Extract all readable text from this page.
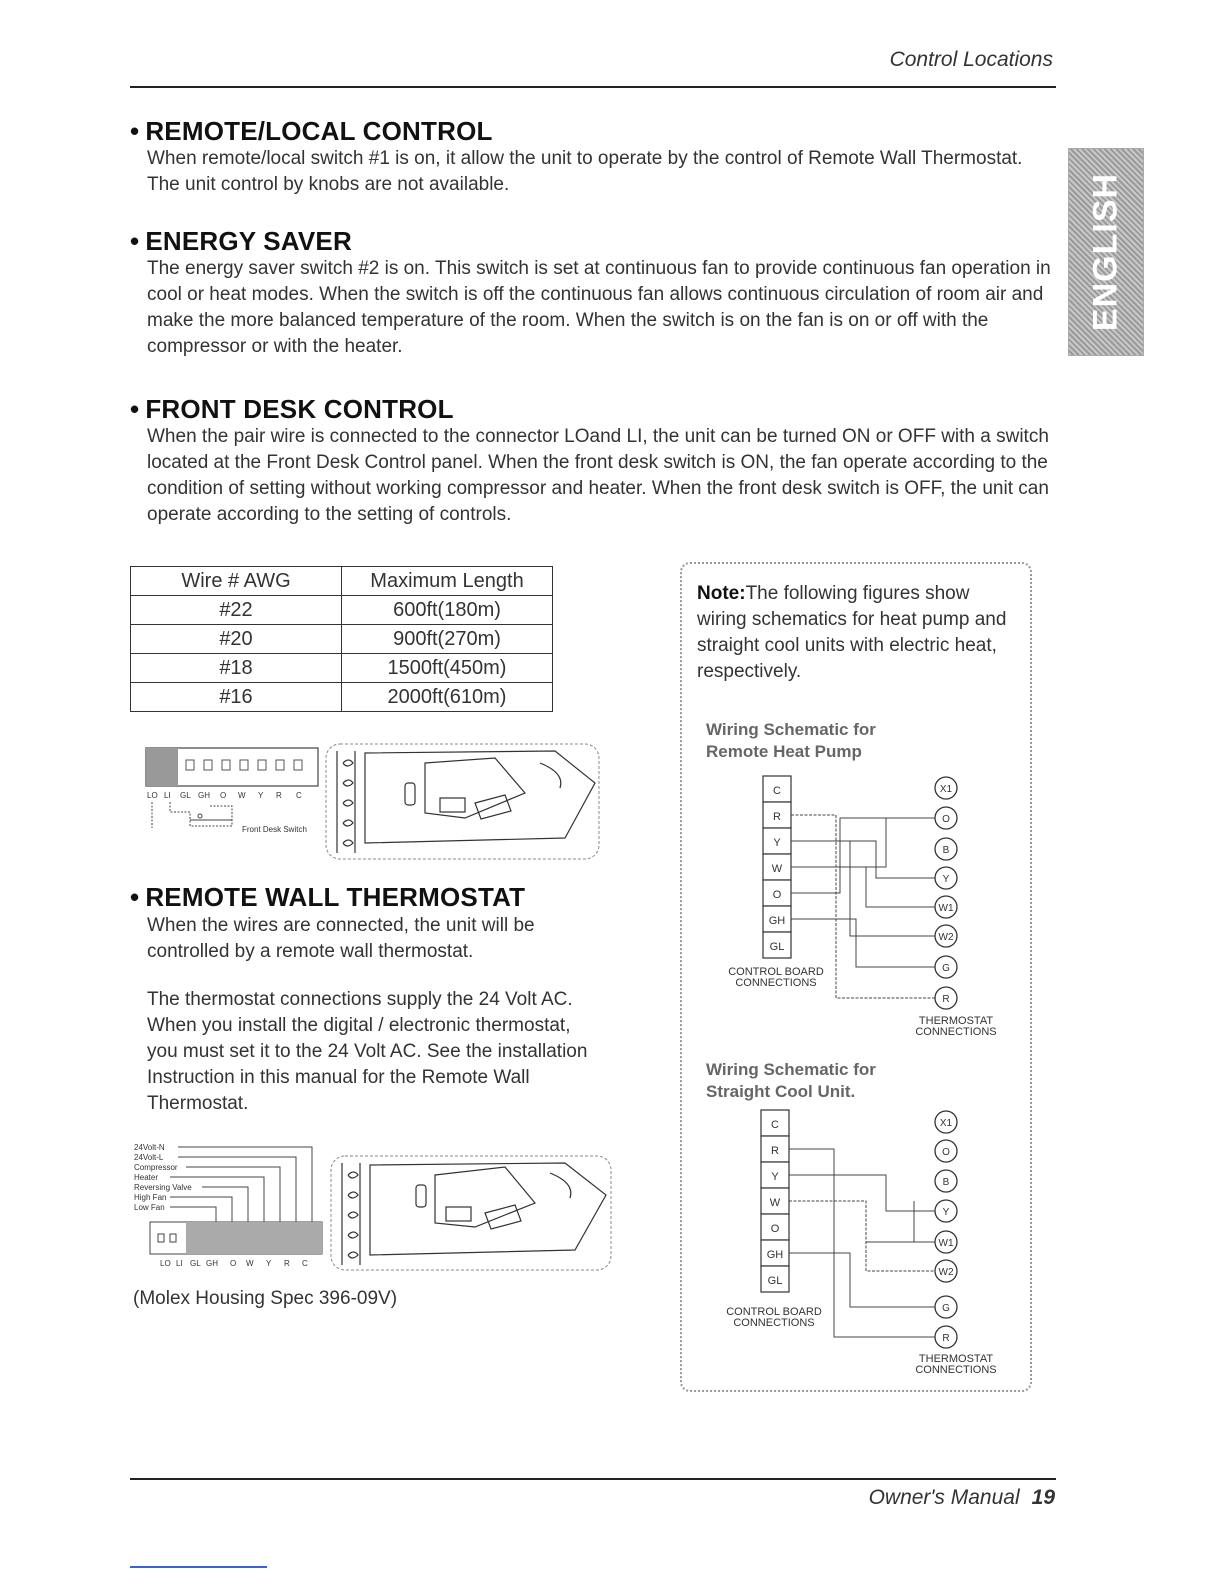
Control Locations
ENGLISH
• REMOTE/LOCAL CONTROL
When remote/local switch #1 is on, it allow the unit to operate by the control of Remote Wall Thermostat. The unit control by knobs are not available.
• ENERGY SAVER
The energy saver switch #2 is on. This switch is set at continuous fan to provide continuous fan operation in cool or heat modes. When the switch is off the continuous fan allows continuous circulation of room air and make the more balanced temperature of the room. When the switch is on the fan is on or off with the compressor or with the heater.
• FRONT DESK CONTROL
When the pair wire is connected to the connector LOand LI, the unit can be turned ON or OFF with a switch located at the Front Desk Control panel. When the front desk switch is ON, the fan operate according to the condition of setting without working compressor and heater. When the front desk switch is OFF, the unit can operate according to the setting of controls.
Wire # AWG	Maximum Length
#22	600ft(180m)
#20	900ft(270m)
#18	1500ft(450m)
#16	2000ft(610m)
LO LI GL GH O W Y R C
Front Desk Switch
• REMOTE WALL THERMOSTAT
When the wires are connected, the unit will be controlled by a remote wall thermostat.
The thermostat connections supply the 24 Volt AC. When you install the digital / electronic thermostat, you must set it to the 24 Volt AC. See the installation Instruction in this manual for the Remote Wall Thermostat.
24Volt-N
24Volt-L
Compressor
Heater
Reversing Valve
High Fan
Low Fan
LO LI GL GH O W Y R C
(Molex Housing Spec 396-09V)
Note:The following figures show wiring schematics for heat pump and straight cool units with electric heat, respectively.
Wiring Schematic for
Remote Heat Pump
C
R
Y
W
O
GH
GL
X1
O
B
Y
W1
W2
G
R
CONTROL BOARD
CONNECTIONS
THERMOSTAT
CONNECTIONS
Wiring Schematic for
Straight Cool Unit.
C
R
Y
W
O
GH
GL
X1
O
B
Y
W1
W2
G
R
CONTROL BOARD
CONNECTIONS
THERMOSTAT
CONNECTIONS
Owner's Manual 19
